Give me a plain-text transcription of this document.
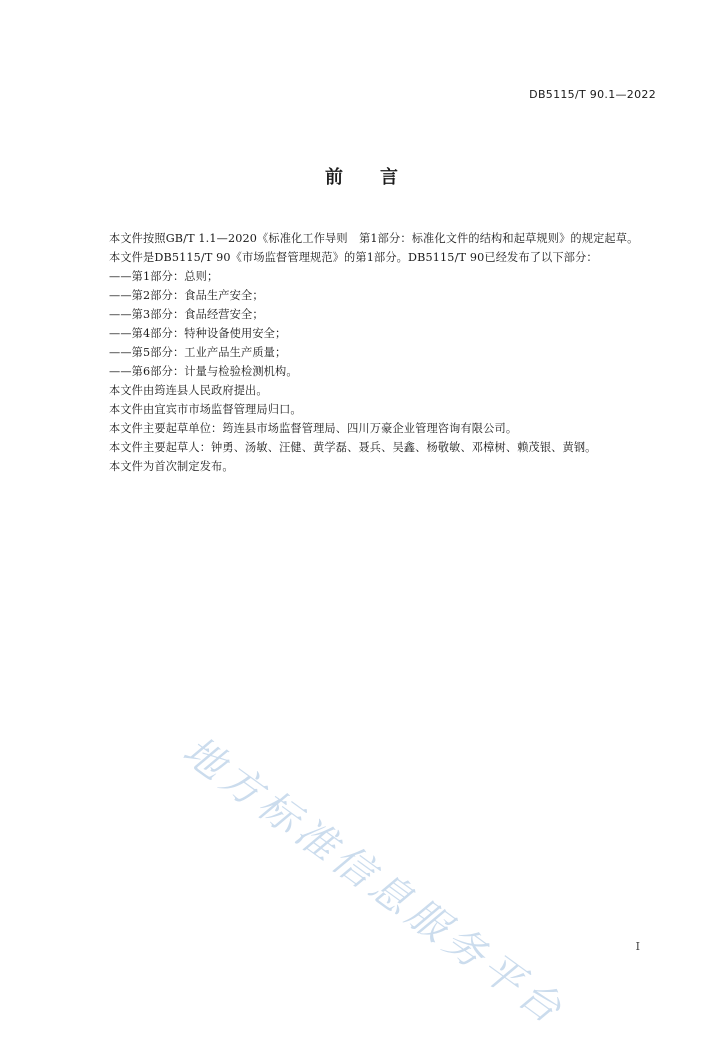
DB5115/T 90.1—2022
前 言

本文件按照GB/T 1.1—2020《标准化工作导则　第1部分：标准化文件的结构和起草规则》的规定起草。

本文件是DB5115/T 90《市场监督管理规范》的第1部分。DB5115/T 90已经发布了以下部分：

——第1部分：总则；

——第2部分：食品生产安全；

——第3部分：食品经营安全；

——第4部分：特种设备使用安全；

——第5部分：工业产品生产质量；

——第6部分：计量与检验检测机构。

本文件由筠连县人民政府提出。

本文件由宜宾市市场监督管理局归口。

本文件主要起草单位：筠连县市场监督管理局、四川万豪企业管理咨询有限公司。

本文件主要起草人：钟勇、汤敏、汪健、黄学磊、聂兵、吴鑫、杨敬敏、邓樟树、赖茂银、黄钢。

本文件为首次制定发布。

地方标准信息服务平台	I
